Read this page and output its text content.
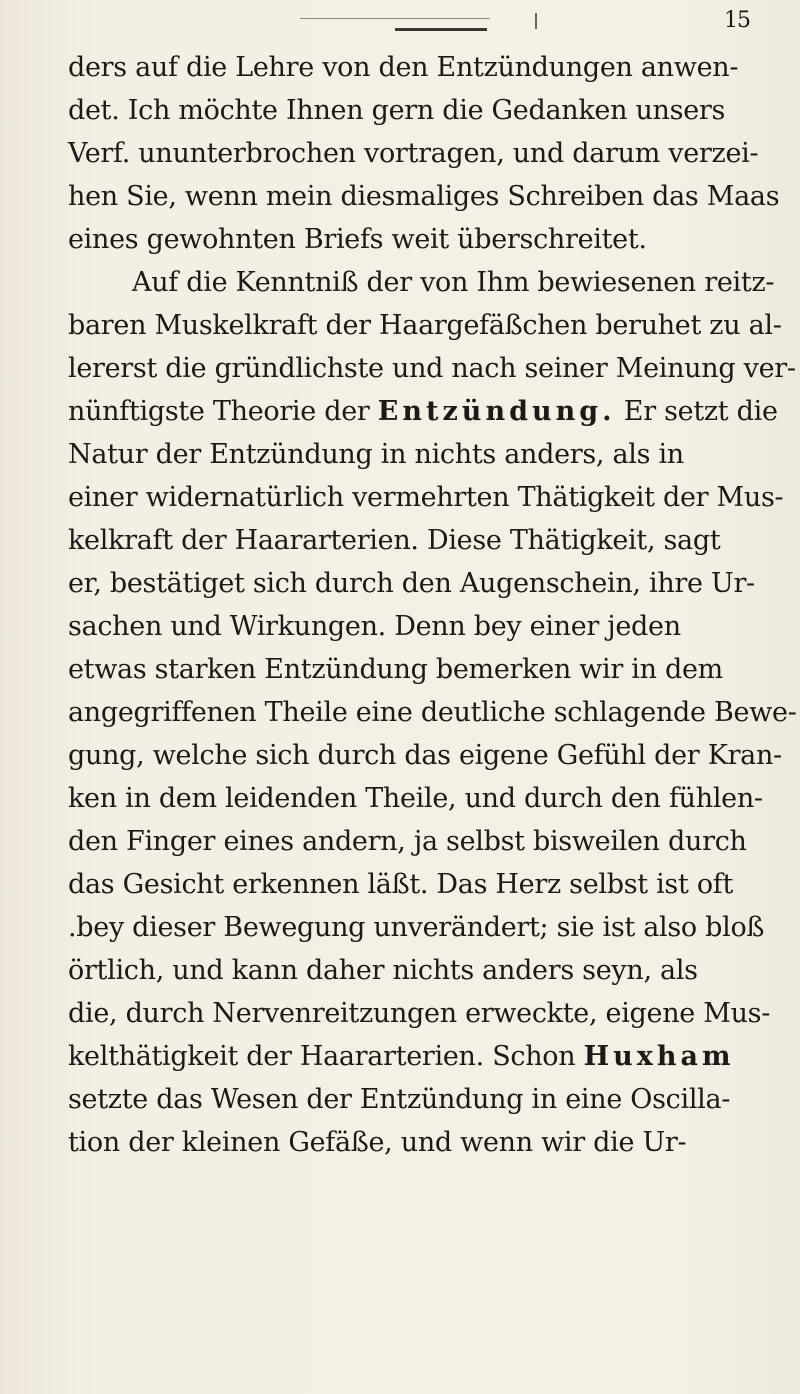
15
ders auf die Lehre von den Entzündungen anwen-
det. Ich möchte Ihnen gern die Gedanken unsers
Verf. ununterbrochen vortragen, und darum verzei-
hen Sie, wenn mein diesmaliges Schreiben das Maas
eines gewohnten Briefs weit überschreitet.
Auf die Kenntniß der von Ihm bewiesenen reitz-
baren Muskelkraft der Haargefäßchen beruhet zu al-
lererst die gründlichste und nach seiner Meinung ver-
nünftigste Theorie der Entzündung. Er setzt die
Natur der Entzündung in nichts anders, als in
einer widernatürlich vermehrten Thätigkeit der Mus-
kelkraft der Haararterien. Diese Thätigkeit, sagt
er, bestätiget sich durch den Augenschein, ihre Ur-
sachen und Wirkungen. Denn bey einer jeden
etwas starken Entzündung bemerken wir in dem
angegriffenen Theile eine deutliche schlagende Bewe-
gung, welche sich durch das eigene Gefühl der Kran-
ken in dem leidenden Theile, und durch den fühlen-
den Finger eines andern, ja selbst bisweilen durch
das Gesicht erkennen läßt. Das Herz selbst ist oft
.bey dieser Bewegung unverändert; sie ist also bloß
örtlich, und kann daher nichts anders seyn, als
die, durch Nervenreitzungen erweckte, eigene Mus-
kelthätigkeit der Haararterien. Schon Huxham
setzte das Wesen der Entzündung in eine Oscilla-
tion der kleinen Gefäße, und wenn wir die Ur-
